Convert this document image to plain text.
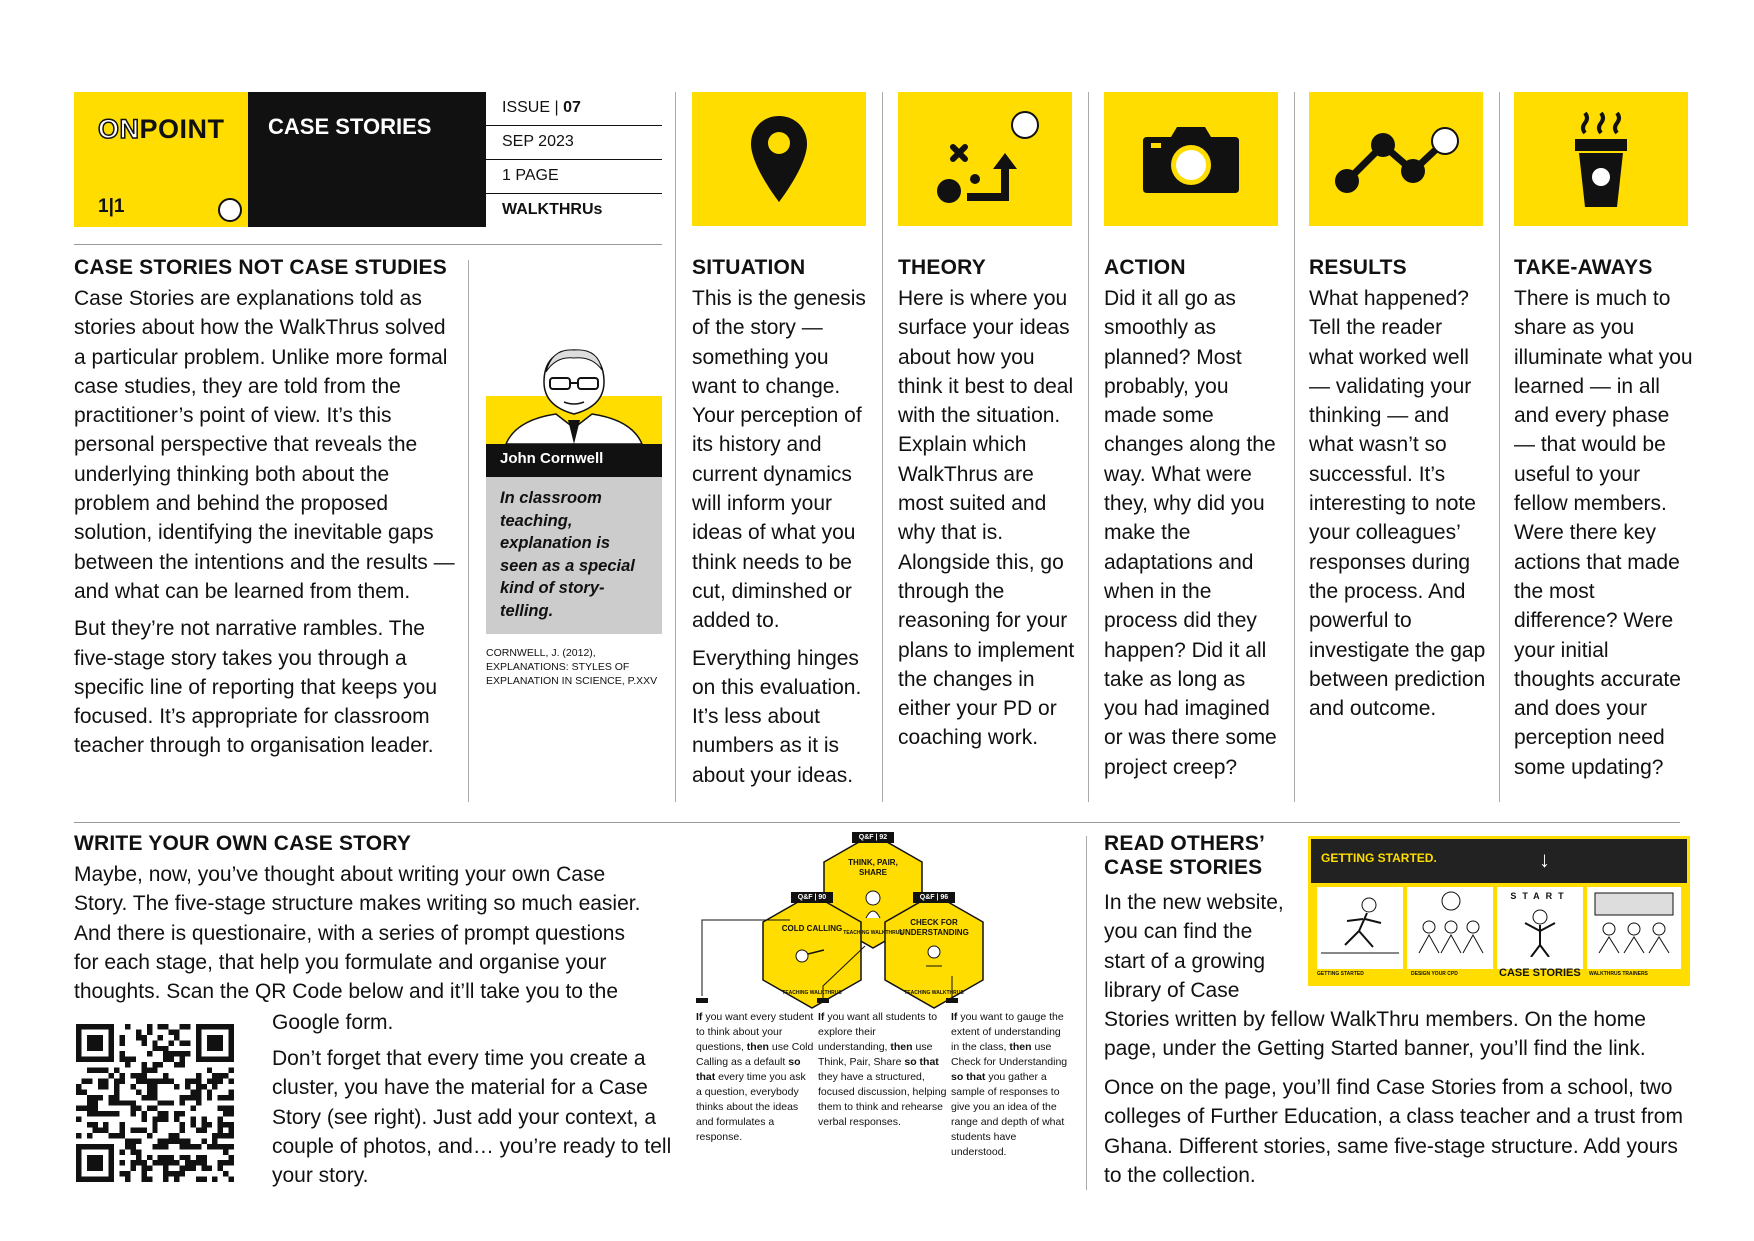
ONPOINT
1|1
CASE STORIES
ISSUE | 07
SEP 2023
1 PAGE
WALKTHRUs
CASE STORIES NOT CASE STUDIES

Case Stories are explanations told as stories about how the WalkThrus solved a particular problem. Unlike more formal case studies, they are told from the practitioner’s point of view. It’s this personal perspective that reveals the underlying thinking both about the problem and behind the proposed solution, identifying the inevitable gaps between the intentions and the results — and what can be learned from them.

But they’re not narrative rambles. The five-stage story takes you through a specific line of reporting that keeps you focused. It’s appropriate for classroom teacher through to organisation leader.

John Cornwell
In classroom teaching, explanation is seen as a special kind of story-telling.
CORNWELL, J. (2012), EXPLANATIONS: STYLES OF EXPLANATION IN SCIENCE, P.XXV
SITUATION

This is the genesis of the story — something you want to change. Your perception of its history and current dynamics will inform your ideas of what you think needs to be cut, diminshed or added to.

Everything hinges on this evaluation. It’s less about numbers as it is about your ideas.

THEORY

Here is where you surface your ideas about how you think it best to deal with the situation. Explain which WalkThrus are most suited and why that is. Alongside this, go through the reasoning for your plans to implement the changes in either your PD or coaching work.

ACTION

Did it all go as smoothly as planned? Most probably, you made some changes along the way. What were they, why did you make the adaptations and when in the process did they happen? Did it all take as long as you had imagined or was there some project creep?

RESULTS

What happened? Tell the reader what worked well — validating your thinking — and what wasn’t so successful. It’s interesting to note your colleagues’ responses during the process. And powerful to investigate the gap between prediction and outcome.

TAKE-AWAYS

There is much to share as you illuminate what you learned — in all and every phase — that would be useful to your fellow members. Were there key actions that made the most difference? Were your initial thoughts accurate and does your perception need some updating?

WRITE YOUR OWN CASE STORY
Maybe, now, you’ve thought about writing your own Case
Story. The five-stage structure makes writing so much easier.
And there is questionaire, with a series of prompt questions
for each stage, that help you formulate and organise your
thoughts. Scan the QR Code below and it’ll take you to the
Google form.
Don’t forget that every time you create a cluster, you have the material for a Case Story (see right). Just add your context, a couple of photos, and… you’re ready to tell your story.
Q&F | 92
THINK, PAIR, SHARE
Q&F | 90
COLD CALLING
Q&F | 96
CHECK FOR UNDERSTANDING
TEACHING WALKTHRUS
TEACHING WALKTHRUS	TEACHING WALKTHRUS
If you want every student to think about your questions, then use Cold Calling as a default so that every time you ask a question, everybody thinks about the ideas and formulates a response.
If you want all students to explore their understanding, then use Think, Pair, Share so that they have a structured, focused discussion, helping them to think and rehearse verbal responses.
If you want to gauge the extent of understanding in the class, then use Check for Understanding so that you gather a sample of responses to give you an idea of the range and depth of what students have understood.
READ OTHERS’
CASE STORIES
In the new website,
you can find the
start of a growing
library of Case
Stories written by fellow WalkThru members. On the home
page, under the Getting Started banner, you’ll find the link.
Once on the page, you’ll find Case Stories from a school, two colleges of Further Education, a class teacher and a trust from Ghana. Different stories, same five-stage structure. Add yours to the collection.
GETTING STARTED.	↓
START
GETTING STARTED	DESIGN YOUR CPD	CASE STORIES WALKTHRUS TRAINERS
